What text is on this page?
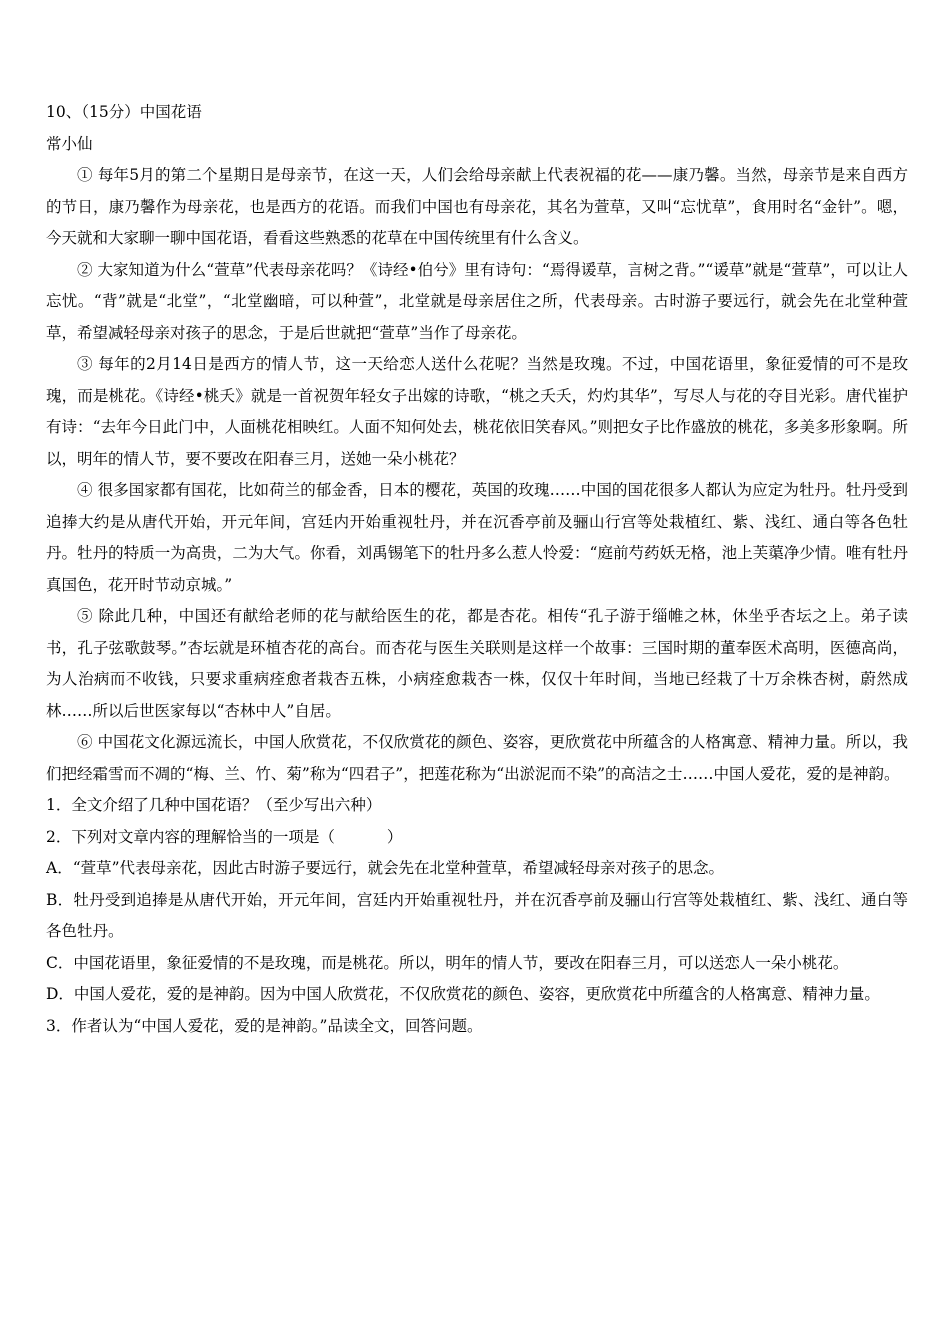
10、（15分）中国花语
常小仙

① 每年5月的第二个星期日是母亲节，在这一天，人们会给母亲献上代表祝福的花——康乃馨。当然，母亲节是来自西方的节日，康乃馨作为母亲花，也是西方的花语。而我们中国也有母亲花，其名为萱草，又叫“忘忧草”，食用时名“金针”。嗯，今天就和大家聊一聊中国花语，看看这些熟悉的花草在中国传统里有什么含义。

② 大家知道为什么“萱草”代表母亲花吗？《诗经•伯兮》里有诗句：“焉得谖草，言树之背。”“谖草”就是“萱草”，可以让人忘忧。“背”就是“北堂”，“北堂幽暗，可以种萱”，北堂就是母亲居住之所，代表母亲。古时游子要远行，就会先在北堂种萱草，希望减轻母亲对孩子的思念，于是后世就把“萱草”当作了母亲花。

③ 每年的2月14日是西方的情人节，这一天给恋人送什么花呢？当然是玫瑰。不过，中国花语里，象征爱情的可不是玫瑰，而是桃花。《诗经•桃夭》就是一首祝贺年轻女子出嫁的诗歌，“桃之夭夭，灼灼其华”，写尽人与花的夺目光彩。唐代崔护有诗：“去年今日此门中，人面桃花相映红。人面不知何处去，桃花依旧笑春风。”则把女子比作盛放的桃花，多美多形象啊。所以，明年的情人节，要不要改在阳春三月，送她一朵小桃花？

④ 很多国家都有国花，比如荷兰的郁金香，日本的樱花，英国的玫瑰……中国的国花很多人都认为应定为牡丹。牡丹受到追捧大约是从唐代开始，开元年间，宫廷内开始重视牡丹，并在沉香亭前及骊山行宫等处栽植红、紫、浅红、通白等各色牡丹。牡丹的特质一为高贵，二为大气。你看，刘禹锡笔下的牡丹多么惹人怜爱：“庭前芍药妖无格，池上芙蕖净少情。唯有牡丹真国色，花开时节动京城。”

⑤ 除此几种，中国还有献给老师的花与献给医生的花，都是杏花。相传“孔子游于缁帷之林，休坐乎杏坛之上。弟子读书，孔子弦歌鼓琴。”杏坛就是环植杏花的高台。而杏花与医生关联则是这样一个故事：三国时期的董奉医术高明，医德高尚，为人治病而不收钱，只要求重病痊愈者栽杏五株，小病痊愈栽杏一株，仅仅十年时间，当地已经栽了十万余株杏树，蔚然成林……所以后世医家每以“杏林中人”自居。

⑥ 中国花文化源远流长，中国人欣赏花，不仅欣赏花的颜色、姿容，更欣赏花中所蕴含的人格寓意、精神力量。所以，我们把经霜雪而不凋的“梅、兰、竹、菊”称为“四君子”，把莲花称为“出淤泥而不染”的高洁之士……中国人爱花，爱的是神韵。

1．全文介绍了几种中国花语？（至少写出六种）

2．下列对文章内容的理解恰当的一项是（	）

A．“萱草”代表母亲花，因此古时游子要远行，就会先在北堂种萱草，希望减轻母亲对孩子的思念。

B．牡丹受到追捧是从唐代开始，开元年间，宫廷内开始重视牡丹，并在沉香亭前及骊山行宫等处栽植红、紫、浅红、通白等各色牡丹。

C．中国花语里，象征爱情的不是玫瑰，而是桃花。所以，明年的情人节，要改在阳春三月，可以送恋人一朵小桃花。

D．中国人爱花，爱的是神韵。因为中国人欣赏花，不仅欣赏花的颜色、姿容，更欣赏花中所蕴含的人格寓意、精神力量。

3．作者认为“中国人爱花，爱的是神韵。”品读全文，回答问题。
